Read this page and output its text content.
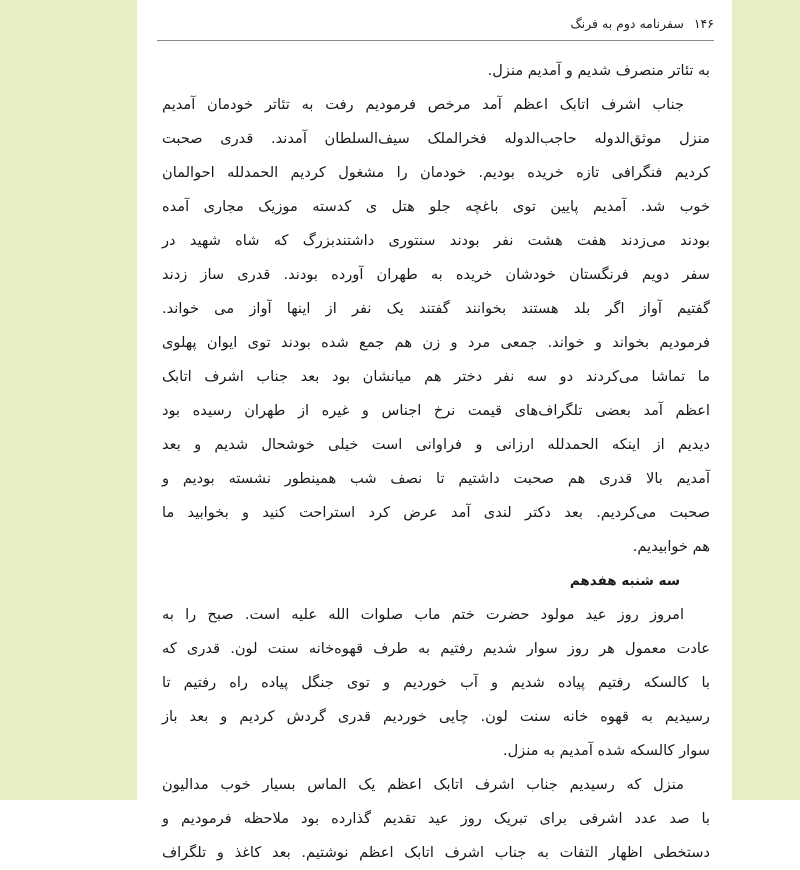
۱۴۶ سفرنامه دوم به فرنگ
به تئاتر منصرف شدیم و آمدیم منزل.
جناب اشرف اتابک اعظم آمد مرخص فرمودیم رفت به تئاتر خودمان آمدیم
منزل موثق‌الدوله حاجب‌الدوله فخرالملک سیف‌السلطان آمدند. قدری صحبت
کردیم فنگرافی تازه خریده بودیم. خودمان را مشغول کردیم الحمدلله احوالمان
خوب شد. آمدیم پایین توی باغچه جلو هتل ی کدسته موزیک مجاری آمده
بودند می‌زدند هفت هشت نفر بودند سنتوری داشتندبزرگ که شاه شهید در
سفر دویم فرنگستان خودشان خریده به طهران آورده بودند. قدری ساز زدند
گفتیم آواز اگر بلد هستند بخوانند گفتند یک نفر از اینها آواز می خواند.
فرمودیم بخواند و خواند. جمعی مرد و زن هم جمع شده بودند توی ایوان پهلوی
ما تماشا می‌کردند دو سه نفر دختر هم میانشان بود بعد جناب اشرف اتابک
اعظم آمد بعضی تلگراف‌های قیمت نرخ اجناس و غیره از طهران رسیده بود
دیدیم از اینکه الحمدلله ارزانی و فراوانی است خیلی خوشحال شدیم و بعد
آمدیم بالا قدری هم صحبت داشتیم تا نصف شب همینطور نشسته بودیم و
صحبت می‌کردیم. بعد دکتر لندی آمد عرض کرد استراحت کنید و بخوابید ما
هم خوابیدیم.
سه شنبه هفدهم
امروز روز عید مولود حضرت ختم ماب صلوات الله علیه است. صبح را به
عادت معمول هر روز سوار شدیم رفتیم به طرف قهوه‌خانه سنت لون. قدری که
با کالسکه رفتیم پیاده شدیم و آب خوردیم و توی جنگل پیاده راه رفتیم تا
رسیدیم به قهوه خانه سنت لون. چایی خوردیم قدری گردش کردیم و بعد باز
سوار کالسکه شده آمدیم به منزل.
منزل که رسیدیم جناب اشرف اتابک اعظم یک الماس بسیار خوب مدالیون
با صد عدد اشرفی برای تبریک روز عید تقدیم گذارده بود ملاحظه فرمودیم و
دستخطی اظهار التفات به جناب اشرف اتابک اعظم نوشتیم. بعد کاغذ و تلگراف
